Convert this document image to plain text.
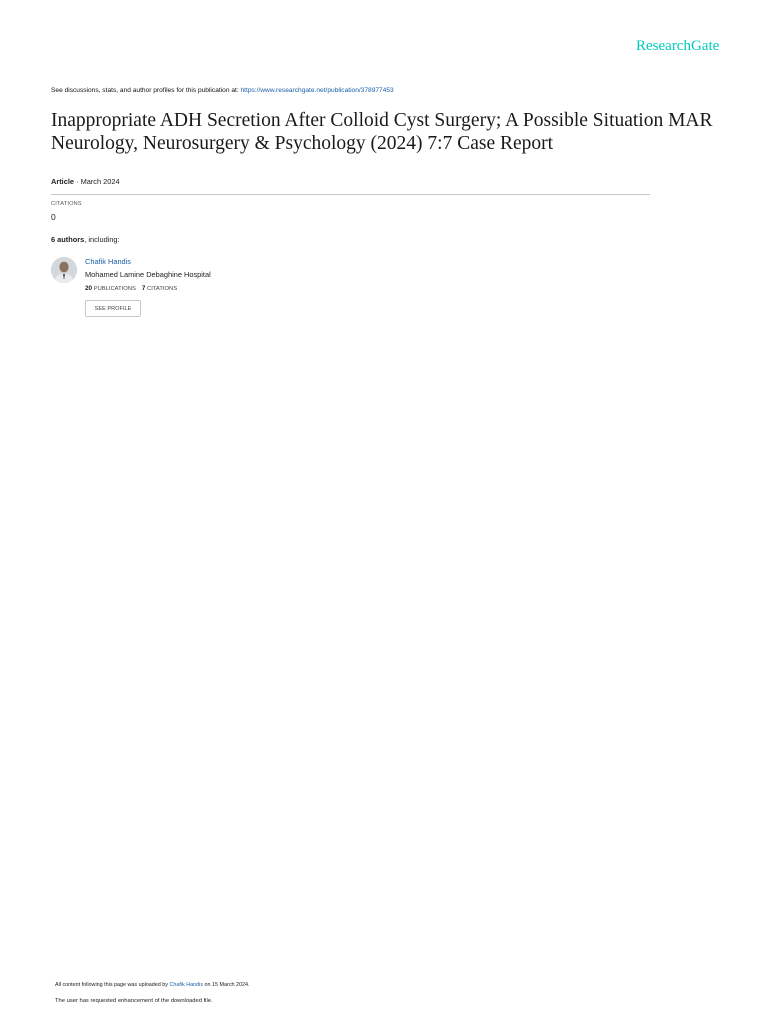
ResearchGate
See discussions, stats, and author profiles for this publication at: https://www.researchgate.net/publication/378977453
Inappropriate ADH Secretion After Colloid Cyst Surgery; A Possible Situation MAR Neurology, Neurosurgery & Psychology (2024) 7:7 Case Report
Article · March 2024
CITATIONS
0
6 authors, including:
Chafik Handis
Mohamed Lamine Debaghine Hospital
20 PUBLICATIONS 7 CITATIONS
SEE PROFILE
All content following this page was uploaded by Chafik Handis on 15 March 2024.
The user has requested enhancement of the downloaded file.
